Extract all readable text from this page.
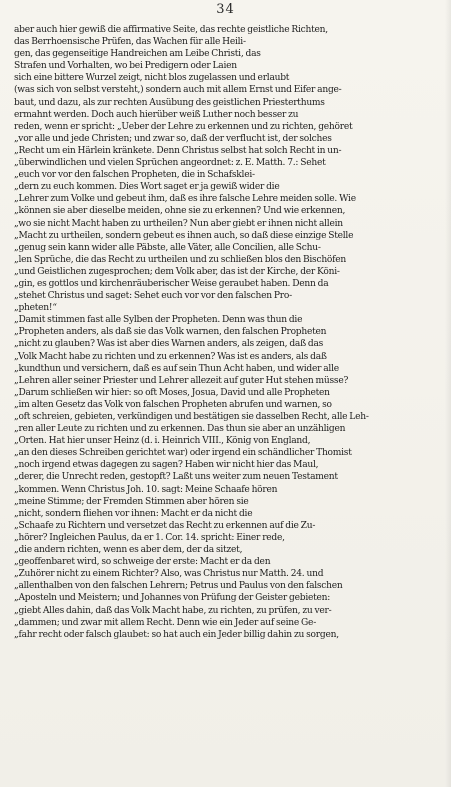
34
aber auch hier gewiß die affirmative Seite, das rechte geistliche Richten,
das Berrhoensische Prüfen, das Wachen für alle Heili-
gen, das gegenseitige Handreichen am Leibe Christi, das
Strafen und Vorhalten, wo bei Predigern oder Laien
sich eine bittere Wurzel zeigt, nicht blos zugelassen und erlaubt
(was sich von selbst versteht,) sondern auch mit allem Ernst und Eifer ange-
baut, und dazu, als zur rechten Ausübung des geistlichen Priesterthums
ermahnt werden. Doch auch hierüber weiß Luther noch besser zu
reden, wenn er spricht: „Ueber der Lehre zu erkennen und zu richten, gehöret
„vor alle und jede Christen; und zwar so, daß der verflucht ist, der solches
„Recht um ein Härlein kränkete. Denn Christus selbst hat solch Recht in un-
„überwindlichen und vielen Sprüchen angeordnet: z. E. Matth. 7.: Sehet
„euch vor vor den falschen Propheten, die in Schafsklei-
„dern zu euch kommen. Dies Wort saget er ja gewiß wider die
„Lehrer zum Volke und gebeut ihm, daß es ihre falsche Lehre meiden solle. Wie
„können sie aber dieselbe meiden, ohne sie zu erkennen? Und wie erkennen,
„wo sie nicht Macht haben zu urtheilen? Nun aber giebt er ihnen nicht allein
„Macht zu urtheilen, sondern gebeut es ihnen auch, so daß diese einzige Stelle
„genug sein kann wider alle Päbste, alle Väter, alle Concilien, alle Schu-
„len Sprüche, die das Recht zu urtheilen und zu schließen blos den Bischöfen
„und Geistlichen zugesprochen; dem Volk aber, das ist der Kirche, der Köni-
„gin, es gottlos und kirchenräuberischer Weise geraubet haben. Denn da
„stehet Christus und saget: Sehet euch vor vor den falschen Pro-
„pheten!“
„Damit stimmen fast alle Sylben der Propheten. Denn was thun die
„Propheten anders, als daß sie das Volk warnen, den falschen Propheten
„nicht zu glauben? Was ist aber dies Warnen anders, als zeigen, daß das
„Volk Macht habe zu richten und zu erkennen? Was ist es anders, als daß
„kundthun und versichern, daß es auf sein Thun Acht haben, und wider alle
„Lehren aller seiner Priester und Lehrer allezeit auf guter Hut stehen müsse?
„Darum schließen wir hier: so oft Moses, Josua, David und alle Propheten
„im alten Gesetz das Volk von falschen Propheten abrufen und warnen, so
„oft schreien, gebieten, verkündigen und bestätigen sie dasselben Recht, alle Leh-
„ren aller Leute zu richten und zu erkennen. Das thun sie aber an unzähligen
„Orten. Hat hier unser Heinz (d. i. Heinrich VIII., König von England,
„an den dieses Schreiben gerichtet war) oder irgend ein schändlicher Thomist
„noch irgend etwas dagegen zu sagen? Haben wir nicht hier das Maul,
„derer, die Unrecht reden, gestopft? Laßt uns weiter zum neuen Testament
„kommen. Wenn Christus Joh. 10. sagt: Meine Schaafe hören
„meine Stimme; der Fremden Stimmen aber hören sie
„nicht, sondern fliehen vor ihnen: Macht er da nicht die
„Schaafe zu Richtern und versetzet das Recht zu erkennen auf die Zu-
„hörer? Ingleichen Paulus, da er 1. Cor. 14. spricht: Einer rede,
„die andern richten, wenn es aber dem, der da sitzet,
„geoffenbaret wird, so schweige der erste: Macht er da den
„Zuhörer nicht zu einem Richter? Also, was Christus nur Matth. 24. und
„allenthalben von den falschen Lehrern; Petrus und Paulus von den falschen
„Aposteln und Meistern; und Johannes von Prüfung der Geister gebieten:
„giebt Alles dahin, daß das Volk Macht habe, zu richten, zu prüfen, zu ver-
„dammen; und zwar mit allem Recht. Denn wie ein Jeder auf seine Ge-
„fahr recht oder falsch glaubet: so hat auch ein Jeder billig dahin zu sorgen,
